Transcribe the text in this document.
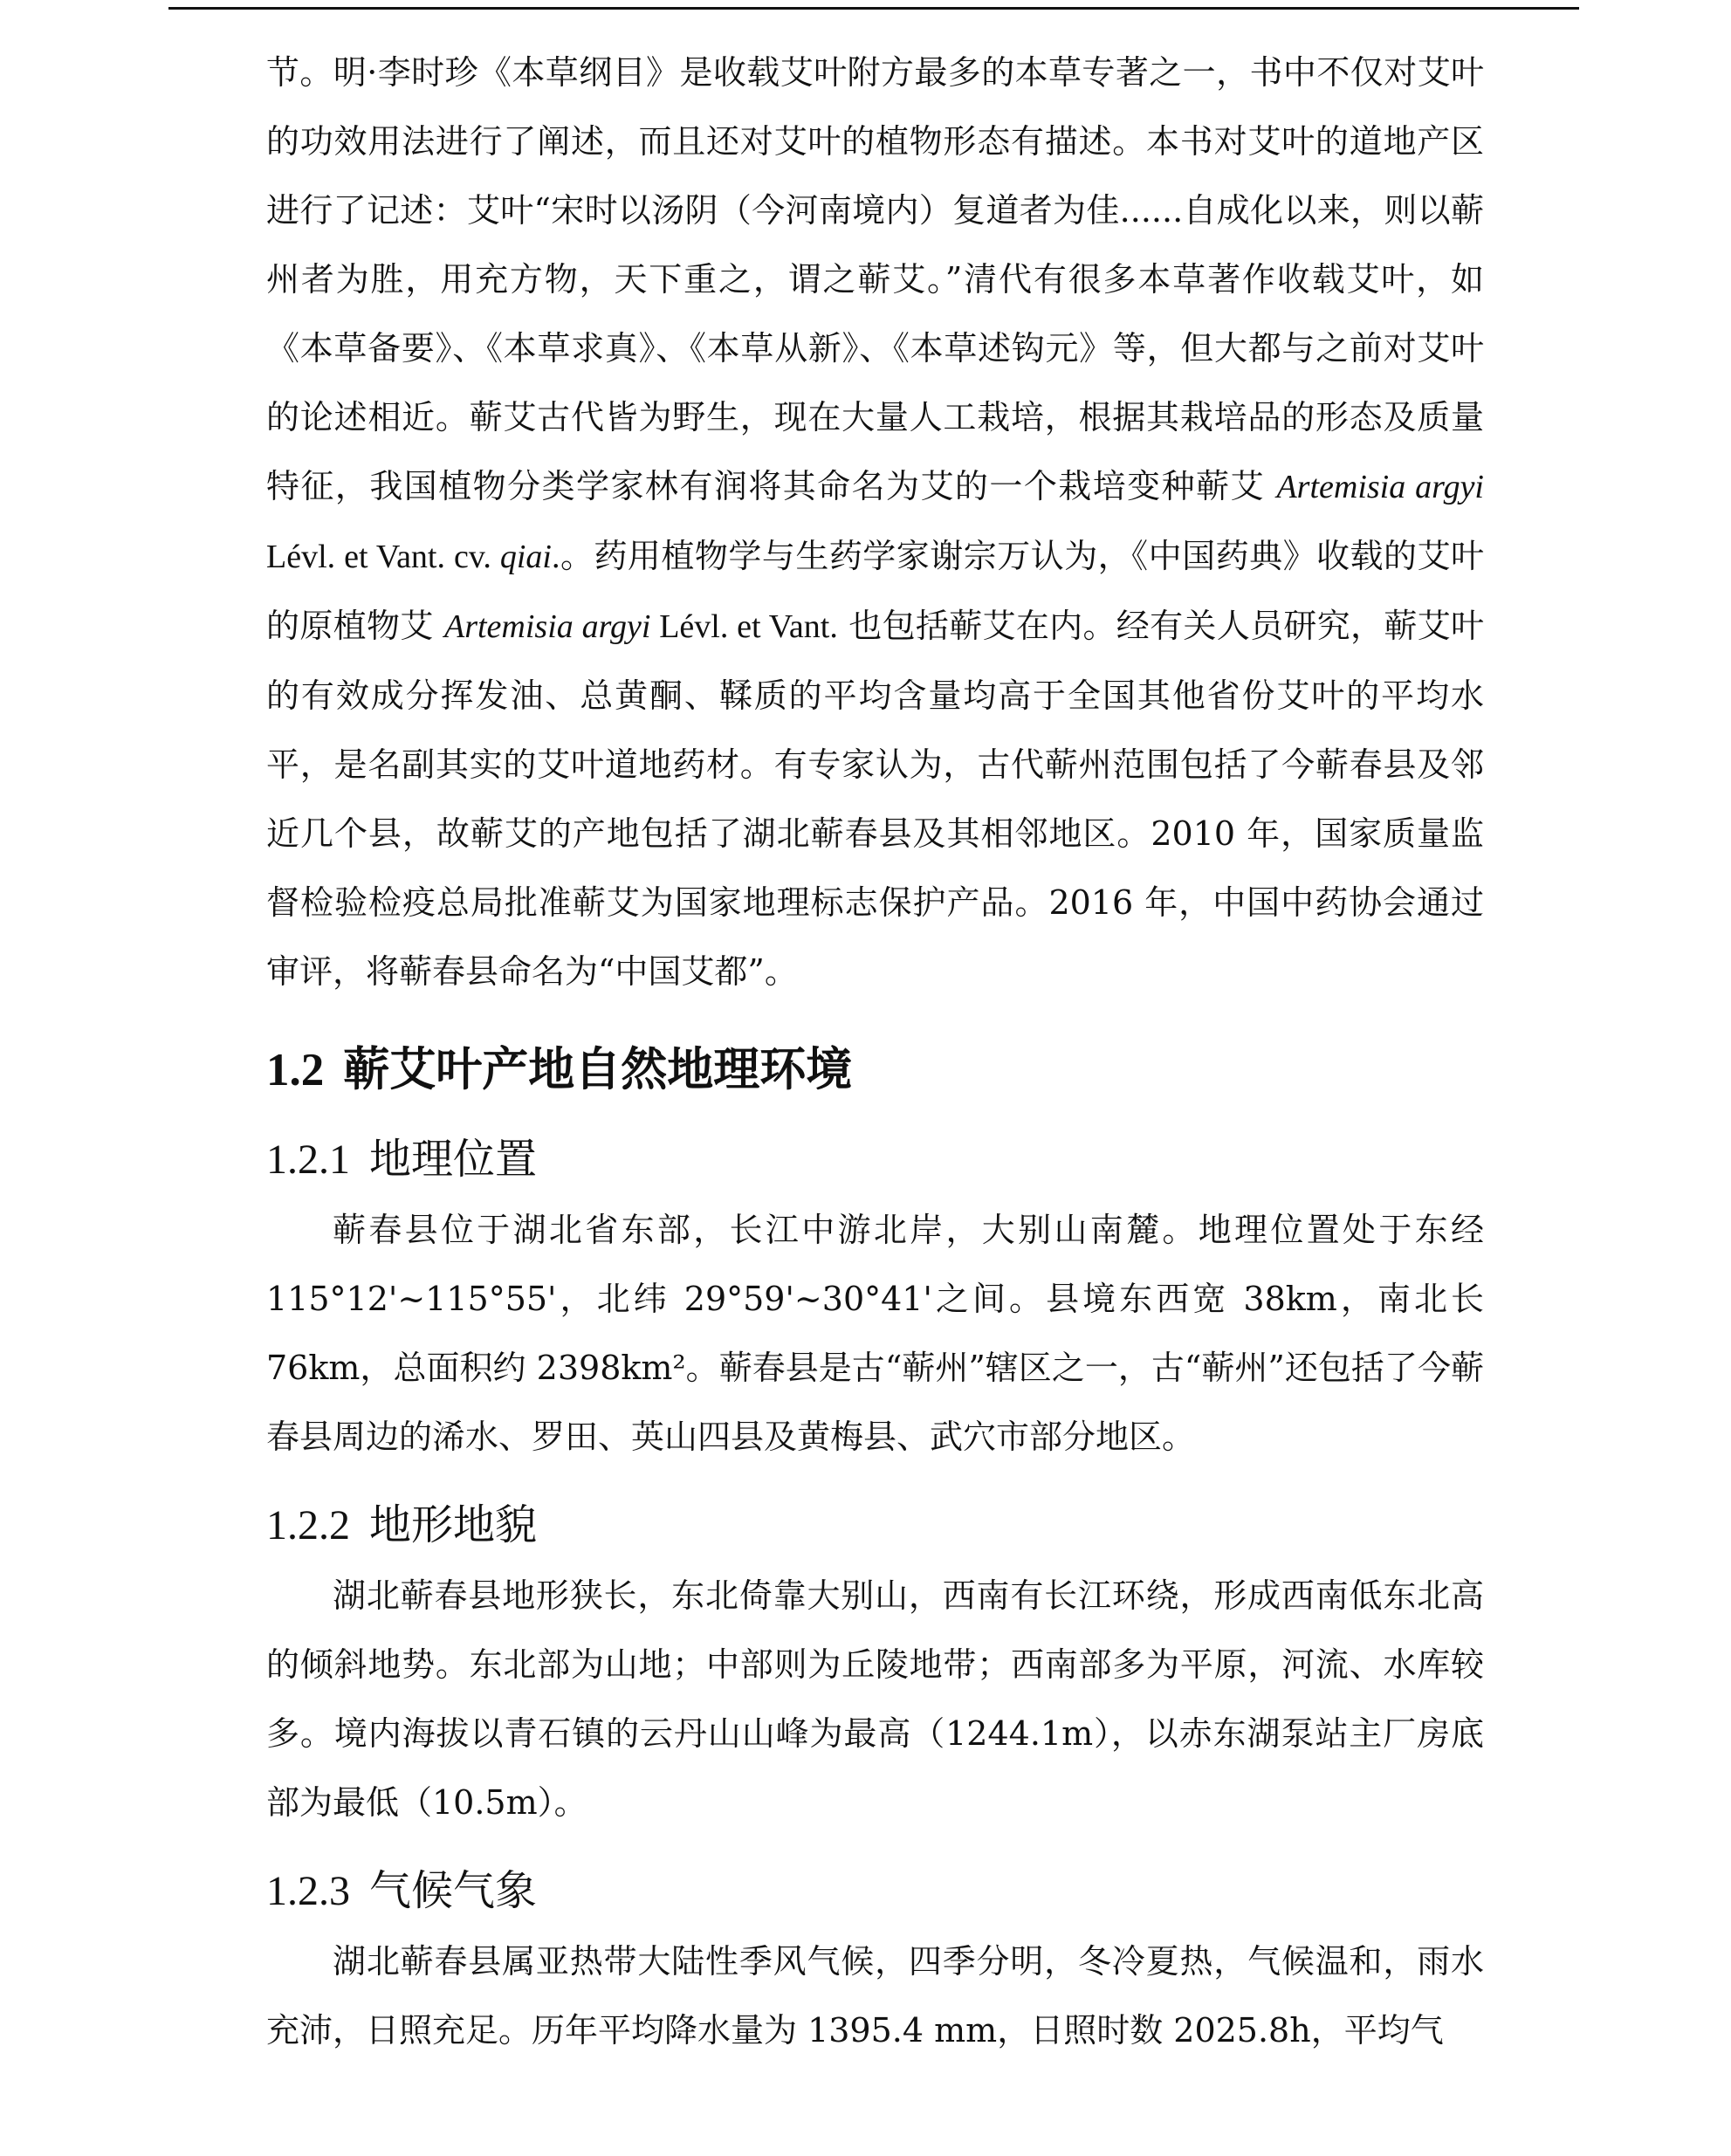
节。明·李时珍《本草纲目》是收载艾叶附方最多的本草专著之一，书中不仅对艾叶的功效用法进行了阐述，而且还对艾叶的植物形态有描述。本书对艾叶的道地产区进行了记述：艾叶“宋时以汤阴（今河南境内）复道者为佳......自成化以来，则以蕲州者为胜，用充方物，天下重之，谓之蕲艾。”清代有很多本草著作收载艾叶，如《本草备要》、《本草求真》、《本草从新》、《本草述钩元》等，但大都与之前对艾叶的论述相近。蕲艾古代皆为野生，现在大量人工栽培，根据其栽培品的形态及质量特征，我国植物分类学家林有润将其命名为艾的一个栽培变种蕲艾 Artemisia argyi Lévl. et Vant. cv. qiai.。药用植物学与生药学家谢宗万认为，《中国药典》收载的艾叶的原植物艾 Artemisia argyi Lévl. et Vant. 也包括蕲艾在内。经有关人员研究，蕲艾叶的有效成分挥发油、总黄酮、鞣质的平均含量均高于全国其他省份艾叶的平均水平，是名副其实的艾叶道地药材。有专家认为，古代蕲州范围包括了今蕲春县及邻近几个县，故蕲艾的产地包括了湖北蕲春县及其相邻地区。2010 年，国家质量监督检验检疫总局批准蕲艾为国家地理标志保护产品。2016 年，中国中药协会通过审评，将蕲春县命名为“中国艾都”。

1.2 蕲艾叶产地自然地理环境
1.2.1 地理位置

蕲春县位于湖北省东部，长江中游北岸，大别山南麓。地理位置处于东经 115°12'~115°55'，北纬 29°59'~30°41'之间。县境东西宽 38km，南北长 76km，总面积约 2398km²。蕲春县是古“蕲州”辖区之一，古“蕲州”还包括了今蕲春县周边的浠水、罗田、英山四县及黄梅县、武穴市部分地区。

1.2.2 地形地貌

湖北蕲春县地形狭长，东北倚靠大别山，西南有长江环绕，形成西南低东北高的倾斜地势。东北部为山地；中部则为丘陵地带；西南部多为平原，河流、水库较多。境内海拔以青石镇的云丹山山峰为最高（1244.1m），以赤东湖泵站主厂房底部为最低（10.5m）。

1.2.3 气候气象

湖北蕲春县属亚热带大陆性季风气候，四季分明，冬冷夏热，气候温和，雨水充沛，日照充足。历年平均降水量为 1395.4 mm，日照时数 2025.8h，平均气
